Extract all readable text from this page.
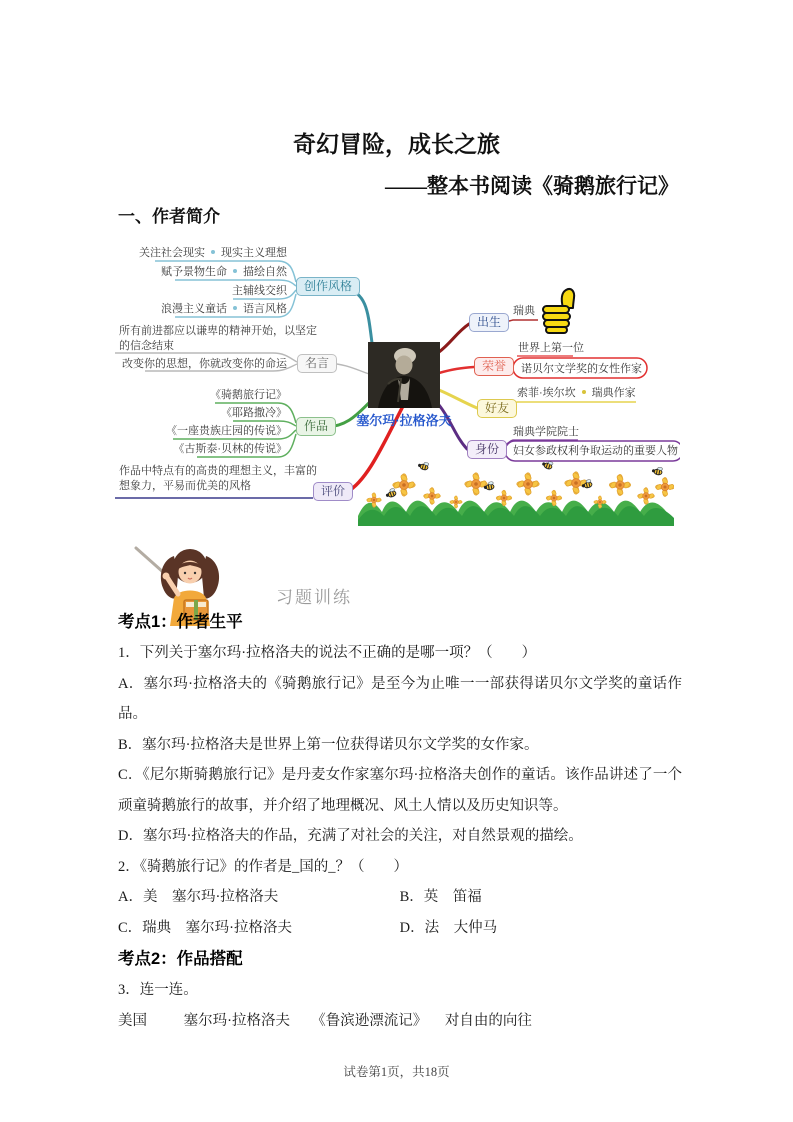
奇幻冒险，成长之旅
——整本书阅读《骑鹅旅行记》
一、作者简介
关注社会现实 现实主义理想
赋予景物生命 描绘自然
主辅线交织
浪漫主义童话 语言风格
创作风格
所有前进都应以谦卑的精神开始，以坚定的信念结束
改变你的思想，你就改变你的命运	名言
《骑鹅旅行记》
《耶路撒冷》
《一座贵族庄园的传说》
《古斯泰·贝林的传说》
作品
作品中特点有的高贵的理想主义，丰富的想象力，平易而优美的风格	评价
塞尔玛·拉格洛夫
出生
瑞典
荣誉
世界上第一位
诺贝尔文学奖的女性作家
好友
索菲·埃尔坎 瑞典作家
身份
瑞典学院院士
妇女参政权利争取运动的重要人物
习题训练

考点1：作者生平

1．下列关于塞尔玛·拉格洛夫的说法不正确的是哪一项？（　　）

A．塞尔玛·拉格洛夫的《骑鹅旅行记》是至今为止唯一一部获得诺贝尔文学奖的童话作品。

B．塞尔玛·拉格洛夫是世界上第一位获得诺贝尔文学奖的女作家。

C．《尼尔斯骑鹅旅行记》是丹麦女作家塞尔玛·拉格洛夫创作的童话。该作品讲述了一个顽童骑鹅旅行的故事，并介绍了地理概况、风土人情以及历史知识等。

D．塞尔玛·拉格洛夫的作品，充满了对社会的关注，对自然景观的描绘。

2．《骑鹅旅行记》的作者是_国的_？（　　）

A．美　塞尔玛·拉格洛夫	B．英　笛福

C．瑞典　塞尔玛·拉格洛夫	D．法　大仲马

考点2：作品搭配

3．连一连。

美国	塞尔玛·拉格洛夫 《鲁滨逊漂流记》 对自由的向往

试卷第1页，共18页
